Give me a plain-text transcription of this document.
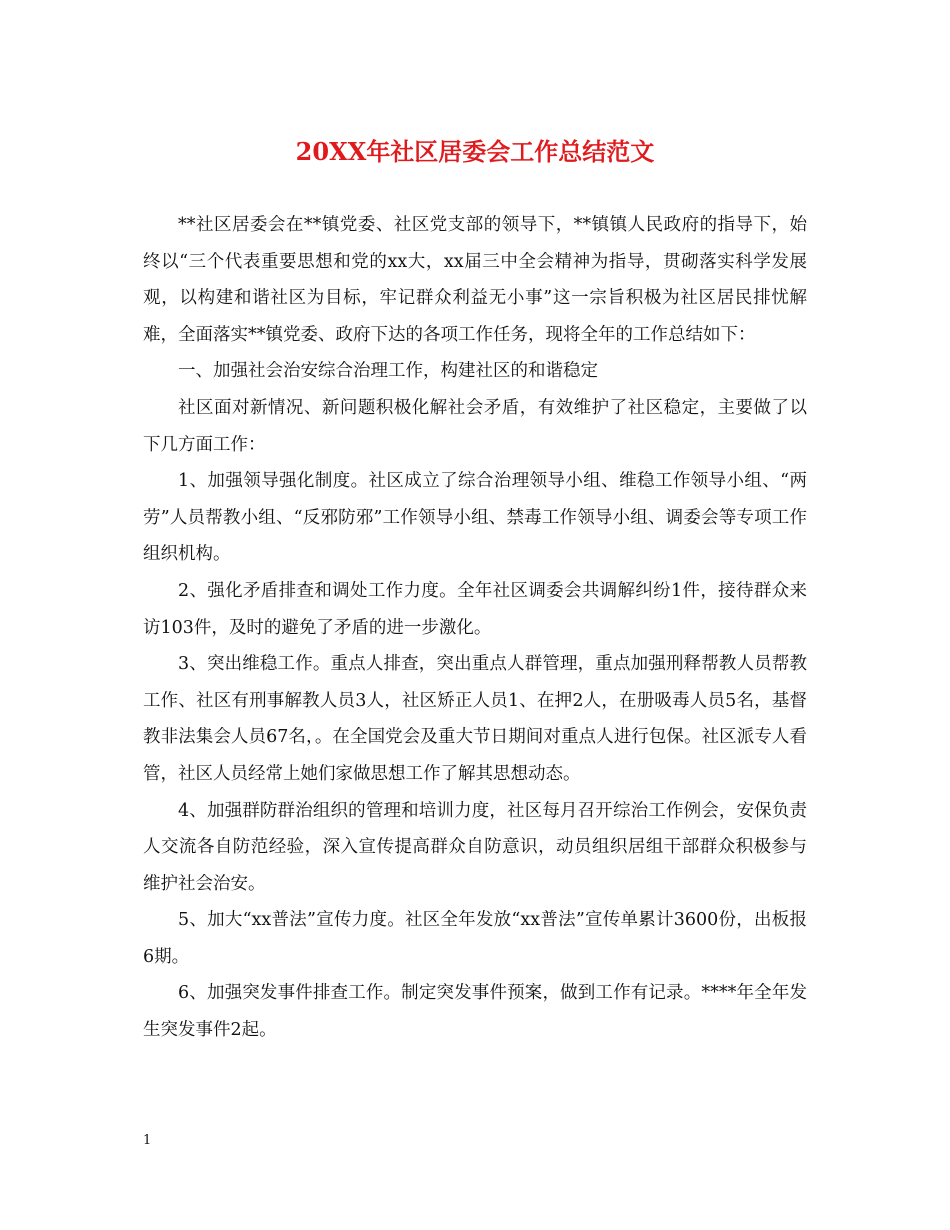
20XX年社区居委会工作总结范文

**社区居委会在**镇党委、社区党支部的领导下，**镇镇人民政府的指导下，始终以“三个代表重要思想和党的xx大，xx届三中全会精神为指导，贯砌落实科学发展观，以构建和谐社区为目标，牢记群众利益无小事”这一宗旨积极为社区居民排忧解难，全面落实**镇党委、政府下达的各项工作任务，现将全年的工作总结如下：

一、加强社会治安综合治理工作，构建社区的和谐稳定

社区面对新情况、新问题积极化解社会矛盾，有效维护了社区稳定，主要做了以下几方面工作：

1、加强领导强化制度。社区成立了综合治理领导小组、维稳工作领导小组、“两劳”人员帮教小组、“反邪防邪”工作领导小组、禁毒工作领导小组、调委会等专项工作组织机构。

2、强化矛盾排查和调处工作力度。全年社区调委会共调解纠纷1件，接待群众来访103件，及时的避免了矛盾的进一步激化。

3、突出维稳工作。重点人排查，突出重点人群管理，重点加强刑释帮教人员帮教工作、社区有刑事解教人员3人，社区矫正人员1、在押2人，在册吸毒人员5名，基督教非法集会人员67名，。在全国党会及重大节日期间对重点人进行包保。社区派专人看管，社区人员经常上她们家做思想工作了解其思想动态。

4、加强群防群治组织的管理和培训力度，社区每月召开综治工作例会，安保负责人交流各自防范经验，深入宣传提高群众自防意识，动员组织居组干部群众积极参与维护社会治安。

5、加大“xx普法”宣传力度。社区全年发放“xx普法”宣传单累计3600份，出板报6期。

6、加强突发事件排查工作。制定突发事件预案，做到工作有记录。****年全年发生突发事件2起。

1
